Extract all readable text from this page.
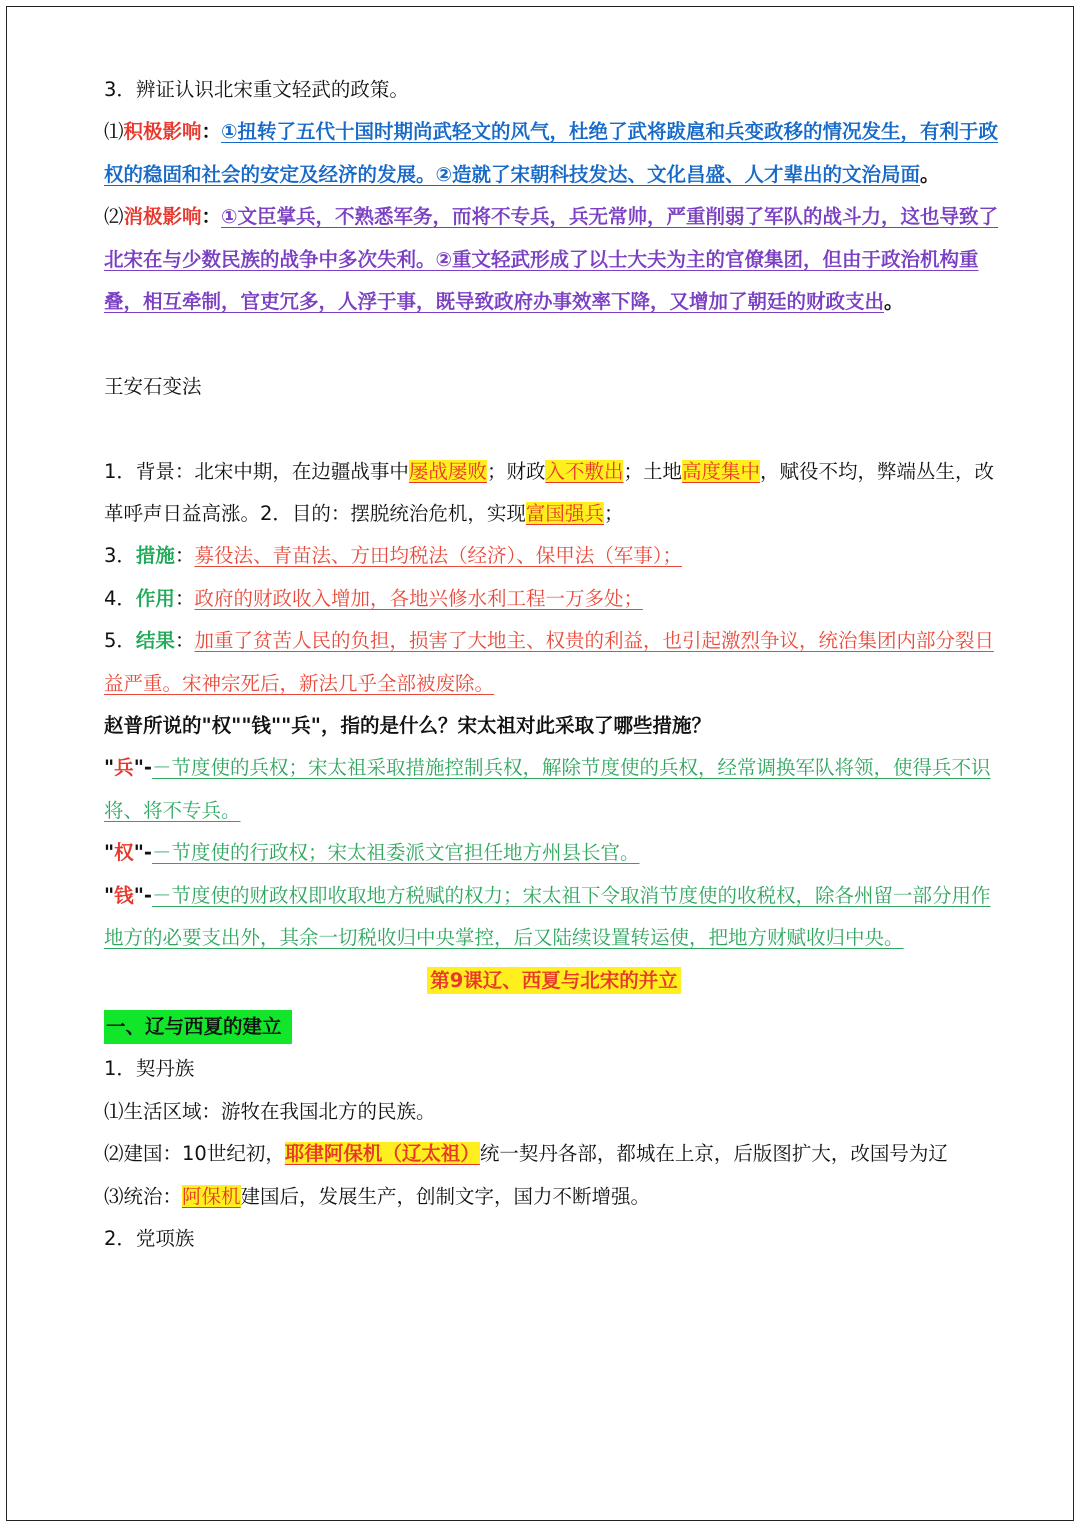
3．辨证认识北宋重文轻武的政策。

⑴积极影响：①扭转了五代十国时期尚武轻文的风气，杜绝了武将跋扈和兵变政移的情况发生，有利于政权的稳固和社会的安定及经济的发展。②造就了宋朝科技发达、文化昌盛、人才辈出的文治局面。

⑵消极影响：①文臣掌兵，不熟悉军务，而将不专兵，兵无常帅，严重削弱了军队的战斗力，这也导致了北宋在与少数民族的战争中多次失利。②重文轻武形成了以士大夫为主的官僚集团，但由于政治机构重叠，相互牵制，官吏冗多，人浮于事，既导致政府办事效率下降，又增加了朝廷的财政支出。

王安石变法

1．背景：北宋中期，在边疆战事中屡战屡败；财政入不敷出；土地高度集中，赋役不均，弊端丛生，改革呼声日益高涨。2．目的：摆脱统治危机，实现富国强兵；

3．措施：募役法、青苗法、方田均税法（经济）、保甲法（军事）；

4．作用：政府的财政收入增加，各地兴修水利工程一万多处；

5．结果：加重了贫苦人民的负担，损害了大地主、权贵的利益，也引起激烈争议，统治集团内部分裂日益严重。宋神宗死后，新法几乎全部被废除。

赵普所说的"权""钱""兵"，指的是什么？宋太祖对此采取了哪些措施？

"兵"-－节度使的兵权；宋太祖采取措施控制兵权，解除节度使的兵权，经常调换军队将领，使得兵不识将、将不专兵。

"权"-－节度使的行政权；宋太祖委派文官担任地方州县长官。

"钱"-－节度使的财政权即收取地方税赋的权力；宋太祖下令取消节度使的收税权，除各州留一部分用作地方的必要支出外，其余一切税收归中央掌控，后又陆续设置转运使，把地方财赋收归中央。

第9课辽、西夏与北宋的并立

一、辽与西夏的建立

1．契丹族

⑴生活区域：游牧在我国北方的民族。

⑵建国：10世纪初，耶律阿保机（辽太祖）统一契丹各部，都城在上京，后版图扩大，改国号为辽

⑶统治：阿保机建国后，发展生产，创制文字，国力不断增强。

2．党项族
